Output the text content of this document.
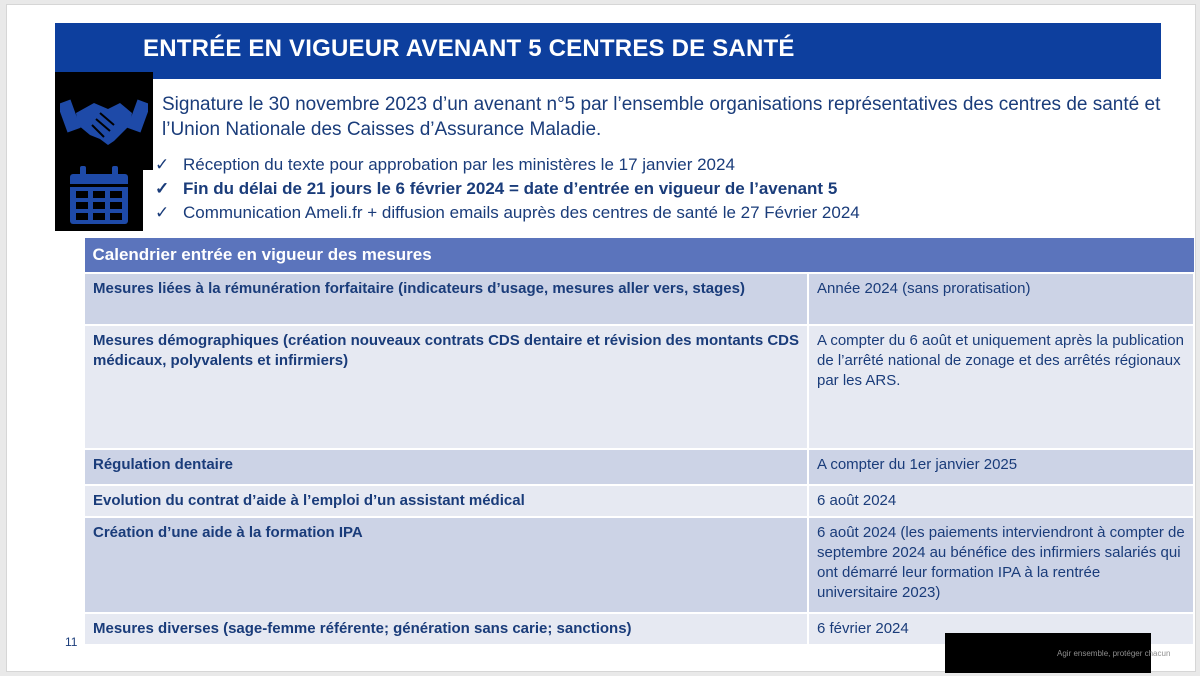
ENTRÉE EN VIGUEUR AVENANT 5 CENTRES DE SANTÉ
Signature le 30 novembre 2023 d’un avenant n°5 par l’ensemble organisations représentatives des centres de santé et l’Union Nationale des Caisses d’Assurance Maladie.
✓ Réception du texte pour approbation par les ministères le 17 janvier 2024
✓ Fin du délai de 21 jours le 6 février 2024 = date d’entrée en vigueur de l’avenant 5
✓ Communication Ameli.fr + diffusion emails auprès des centres de santé le 27 Février 2024
Calendrier entrée en vigueur des mesures	
Mesures liées à la rémunération forfaitaire (indicateurs d’usage, mesures aller vers, stages)	Année 2024 (sans proratisation)
Mesures démographiques (création nouveaux contrats CDS dentaire et révision des montants CDS médicaux, polyvalents et infirmiers)	A compter du 6 août et uniquement après la publication de l’arrêté national de zonage et des arrêtés régionaux par les ARS.
Régulation dentaire	A compter du 1er janvier 2025
Evolution du contrat d’aide à l’emploi d’un assistant médical	6 août 2024
Création d’une aide à la formation IPA	6 août 2024 (les paiements interviendront à compter de septembre 2024 au bénéfice des infirmiers salariés qui ont démarré leur formation IPA à la rentrée universitaire 2023)
Mesures diverses (sage-femme référente; génération sans carie; sanctions)	6 février 2024
11
Agir ensemble, protéger chacun
